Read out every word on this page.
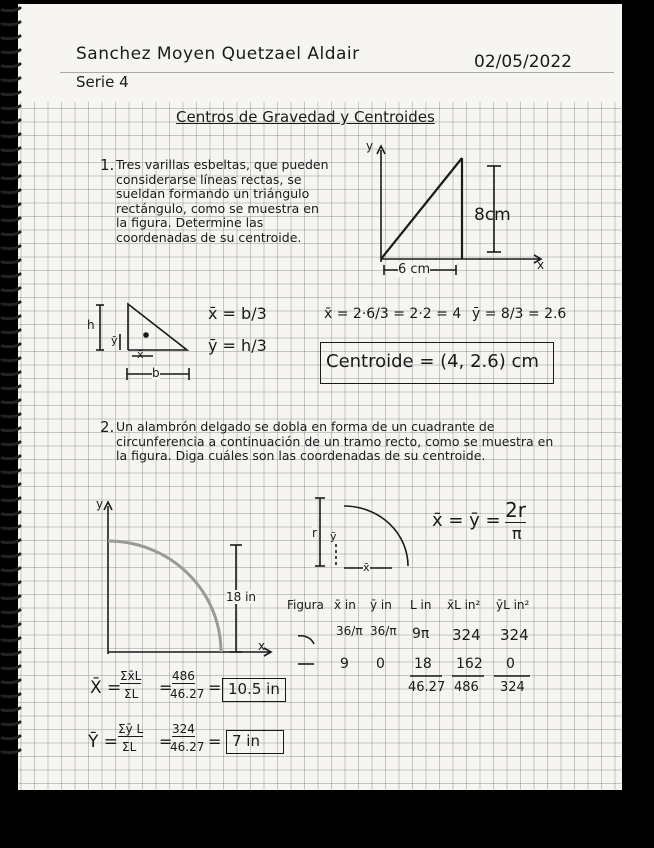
Sanchez Moyen Quetzael Aldair
Serie 4
02/05/2022
Centros de Gravedad y Centroides
1. Tres varillas esbeltas, que pueden considerarse líneas rectas, se sueldan formando un triángulo rectángulo, como se muestra en la figura. Determine las coordenadas de su centroide.
y
x
8cm
6 cm
h
ȳ
x̄
b
x̄ = b/3
ȳ = h/3
x̄ = 2·6/3 = 2·2 = 4 ȳ = 8/3 = 2.6
Centroide = (4, 2.6) cm
2. Un alambrón delgado se dobla en forma de un cuadrante de circunferencia a continuación de un tramo recto, como se muestra en la figura. Diga cuáles son las coordenadas de su centroide.
y
x
18 in
r ȳ
x̄
x̄ = ȳ = 2r
π
Figura x̄ in ȳ in L in x̄L in² ȳL in²
36/π 36/π 9π 324 324
9 0 18 162 0
46.27 486 324
X̄ =
Σx̄L
ΣL =
486
46.27 = 10.5 in
Ȳ =
Σȳ L
ΣL =
324
46.27 = 7 in
